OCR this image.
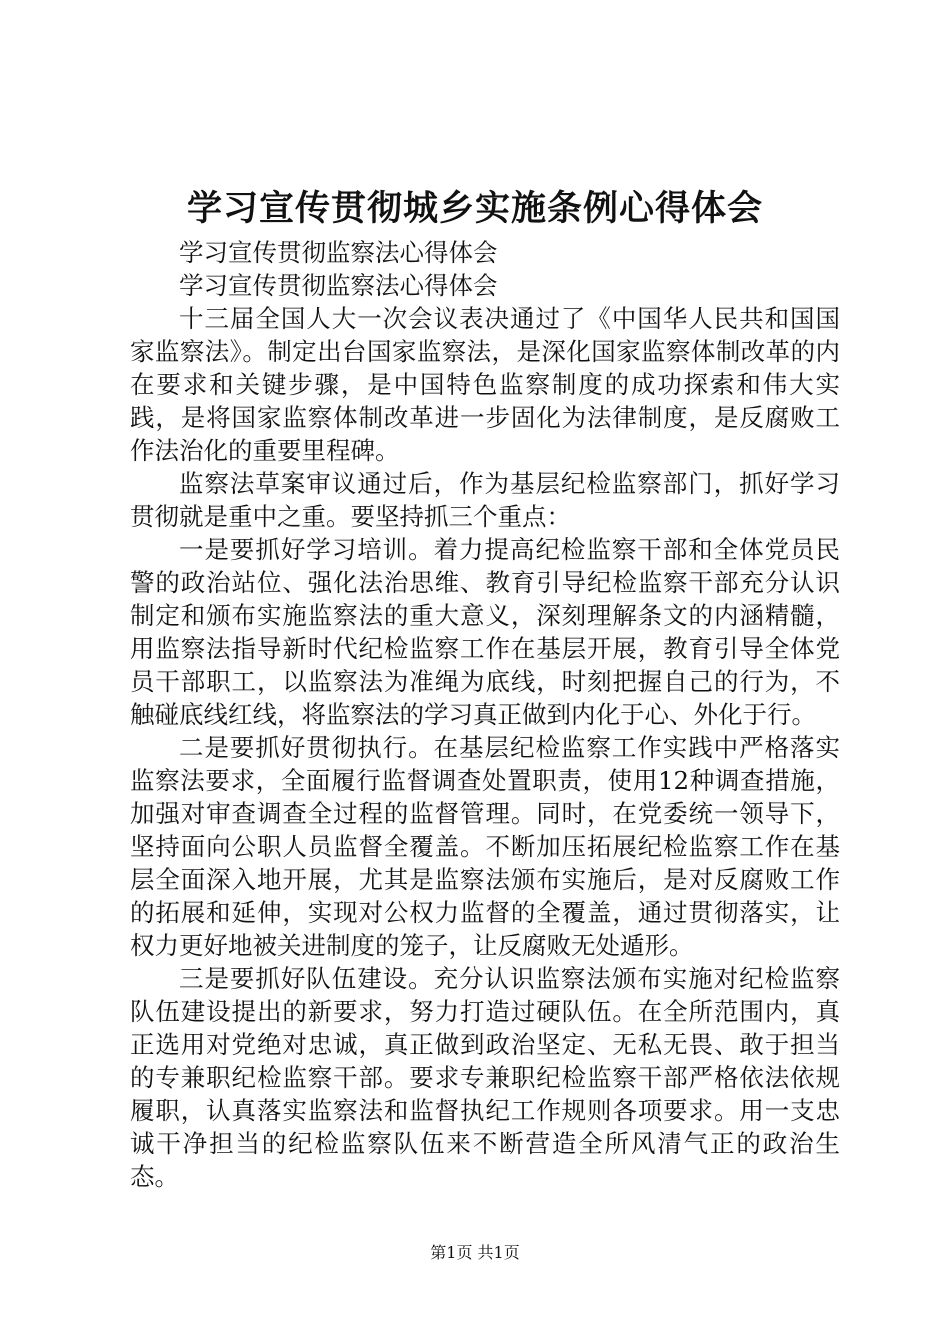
学习宣传贯彻城乡实施条例心得体会

学习宣传贯彻监察法心得体会

学习宣传贯彻监察法心得体会

十三届全国人大一次会议表决通过了《中国华人民共和国国家监察法》。制定出台国家监察法，是深化国家监察体制改革的内在要求和关键步骤，是中国特色监察制度的成功探索和伟大实践，是将国家监察体制改革进一步固化为法律制度，是反腐败工作法治化的重要里程碑。

监察法草案审议通过后，作为基层纪检监察部门，抓好学习贯彻就是重中之重。要坚持抓三个重点：

一是要抓好学习培训。着力提高纪检监察干部和全体党员民警的政治站位、强化法治思维、教育引导纪检监察干部充分认识制定和颁布实施监察法的重大意义，深刻理解条文的内涵精髓，用监察法指导新时代纪检监察工作在基层开展，教育引导全体党员干部职工，以监察法为准绳为底线，时刻把握自己的行为，不触碰底线红线，将监察法的学习真正做到内化于心、外化于行。

二是要抓好贯彻执行。在基层纪检监察工作实践中严格落实监察法要求，全面履行监督调查处置职责，使用12种调查措施，加强对审查调查全过程的监督管理。同时，在党委统一领导下，坚持面向公职人员监督全覆盖。不断加压拓展纪检监察工作在基层全面深入地开展，尤其是监察法颁布实施后，是对反腐败工作的拓展和延伸，实现对公权力监督的全覆盖，通过贯彻落实，让权力更好地被关进制度的笼子，让反腐败无处遁形。

三是要抓好队伍建设。充分认识监察法颁布实施对纪检监察队伍建设提出的新要求，努力打造过硬队伍。在全所范围内，真正选用对党绝对忠诚，真正做到政治坚定、无私无畏、敢于担当的专兼职纪检监察干部。要求专兼职纪检监察干部严格依法依规履职，认真落实监察法和监督执纪工作规则各项要求。用一支忠诚干净担当的纪检监察队伍来不断营造全所风清气正的政治生态。

第1页 共1页
